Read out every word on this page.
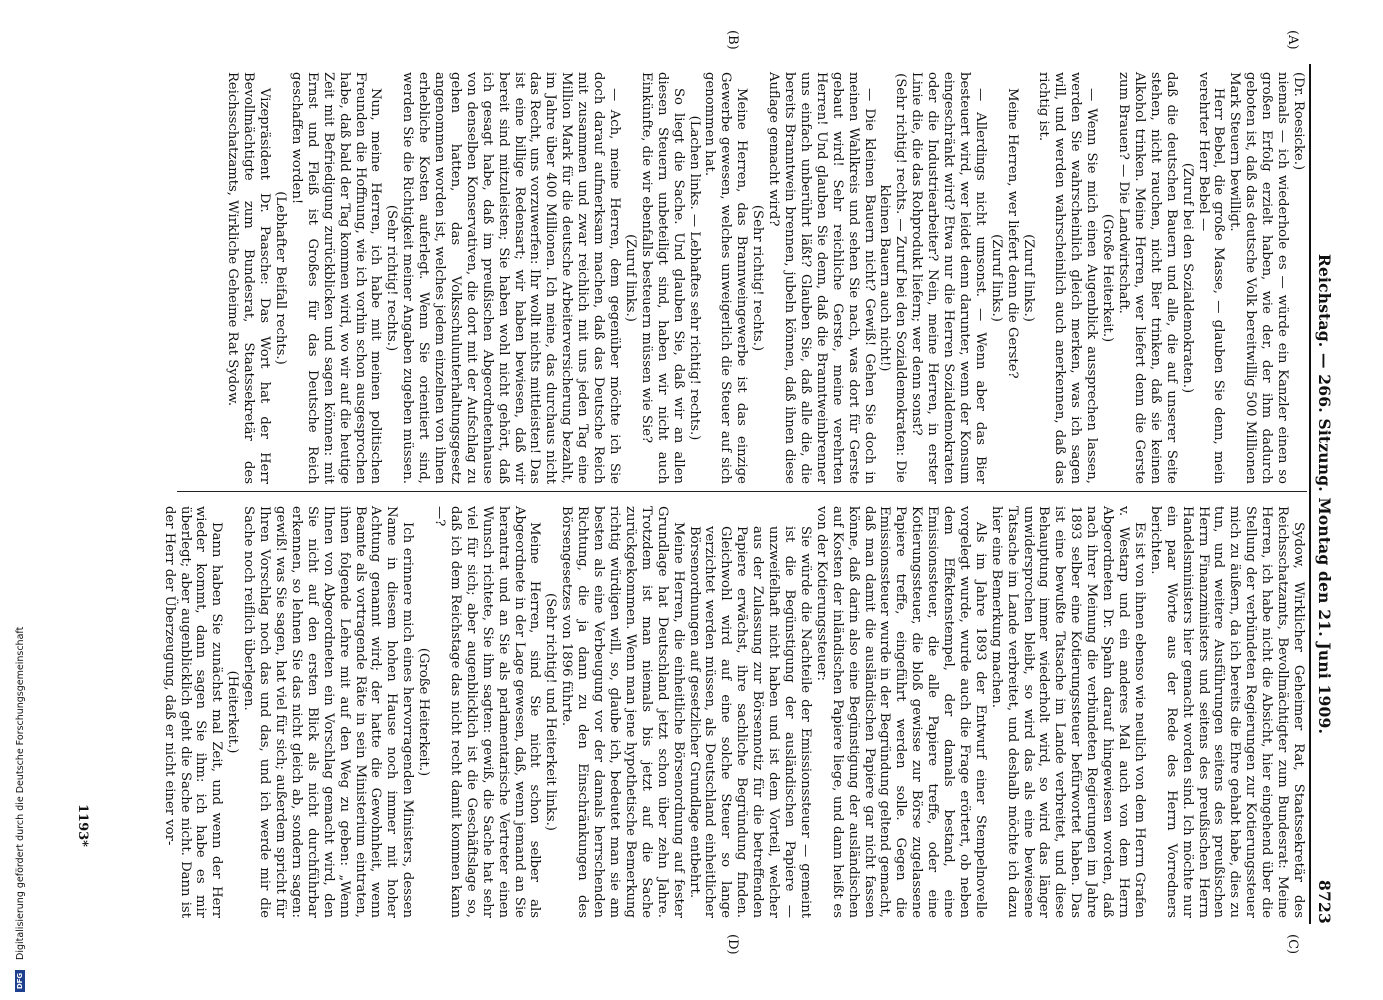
DFG
Digitalisierung gefördert durch die Deutsche Forschungsgemeinschaft
Reichstag. — 266. Sitzung. Montag den 21. Juni 1909.
8723
(A)
(B)
(C)
(D)

(Dr. Roesicke.)

niemals — ich wiederhole es — würde ein Kanzler einen so großen Erfolg erzielt haben, wie der, der ihm dadurch geboten ist, daß das deutsche Volk bereitwillig 500 Millionen Mark Steuern bewilligt.

Herr Bebel, die große Masse, — glauben Sie denn, mein verehrter Herr Bebel —

(Zuruf bei den Sozialdemokraten.)

daß die deutschen Bauern und alle, die auf unserer Seite stehen, nicht rauchen, nicht Bier trinken, daß sie keinen Alkohol trinken. Meine Herren, wer liefert denn die Gerste zum Brauen? — Die Landwirtschaft.

(Große Heiterkeit.)

— Wenn Sie mich einen Augenblick aussprechen lassen, werden Sie wahrscheinlich gleich merken, was ich sagen will, und werden wahrscheinlich auch anerkennen, daß das richtig ist.

(Zuruf links.)

Meine Herren, wer liefert denn die Gerste?

(Zuruf links.)

— Allerdings nicht umsonst. — Wenn aber das Bier besteuert wird, wer leidet denn darunter, wenn der Konsum eingeschränkt wird? Etwa nur die Herren Sozialdemokraten oder die Industriearbeiter? Nein, meine Herren, in erster Linie die, die das Rohprodukt liefern; wer denn sonst?

(Sehr richtig! rechts. — Zuruf bei den Sozialdemokraten: Die kleinen Bauern auch nicht!)

— Die kleinen Bauern nicht? Gewiß! Gehen Sie doch in meinen Wahlkreis und sehen Sie nach, was dort für Gerste gebaut wird! Sehr reichliche Gerste, meine verehrten Herren! Und glauben Sie denn, daß die Branntweinbrenner uns einfach unberührt läßt? Glauben Sie, daß alle die, die bereits Branntwein brennen, jubeln können, daß ihnen diese Auflage gemacht wird?

(Sehr richtig! rechts.)

Meine Herren, das Brannweingewerbe ist das einzige Gewerbe gewesen, welches unweigerlich die Steuer auf sich genommen hat.

(Lachen links. — Lebhaftes sehr richtig! rechts.)

So liegt die Sache. Und glauben Sie, daß wir an allen diesen Steuern unbeteiligt sind, haben wir nicht auch Einkünfte, die wir ebenfalls besteuern müssen wie Sie?

(Zuruf links.)

— Ach, meine Herren, dem gegenüber möchte ich Sie doch darauf aufmerksam machen, daß das Deutsche Reich mit zusammen und zwar reichlich mit uns jeden Tag eine Million Mark für die deutsche Arbeiterversicherung bezahlt, im Jahre über 400 Millionen. Ich meine, das durchaus nicht das Recht, uns vorzuwerfen: Ihr wollt nichts mittleisten! Das ist eine billige Redensart; wir haben bewiesen, daß wir bereit sind mitzuleisten; Sie haben wohl nicht gehört, daß ich gesagt habe, daß im preußischen Abgeordnetenhause von denselben Konservativen, die dort mit der Aufschlag zu gehen hatten, das Volksschulunterhaltungsgesetz angenommen worden ist, welches jedem einzelnen von ihnen erhebliche Kosten auferlegt. Wenn Sie orientiert sind, werden Sie die Richtigkeit meiner Angaben zugeben müssen.

(Sehr richtig! rechts.)

Nun, meine Herren, ich habe mit meinen politischen Freunden die Hoffnung, wie ich vorhin schon ausgesprochen habe, daß bald der Tag kommen wird, wo wir auf die heutige Zeit mit Befriedigung zurückblicken und sagen können: mit Ernst und Fleiß ist Großes für das Deutsche Reich geschaffen worden!

(Lebhafter Beifall rechts.)

Vizepräsident Dr. Paasche: Das Wort hat der Herr Bevollmächtigte zum Bundesrat, Staatssekretär des Reichsschatzamts, Wirkliche Geheime Rat Sydow.

Sydow, Wirklicher Geheimer Rat, Staatssekretär des Reichsschatzamts, Bevollmächtigter zum Bundesrat: Meine Herren, ich habe nicht die Absicht, hier eingehend über die Stellung der verbündeten Regierungen zur Kotierungssteuer mich zu äußern, da ich bereits die Ehre gehabt habe, dies zu tun, und weitere Ausführungen seitens des preußischen Herrn Finanzministers und seitens des preußischen Herrn Handelsministers hier gemacht worden sind. Ich möchte nur ein paar Worte aus der Rede des Herrn Vorredners berichten.

Es ist von ihnen ebenso wie neulich von dem Herrn Grafen v. Westarp und ein anderes Mal auch von dem Herrn Abgeordneten Dr. Spahn darauf hingewiesen worden, daß nach ihrer Meinung die verbündeten Regierungen im Jahre 1893 selber eine Kotierungssteuer befürwortet haben. Das ist eine bewußte Tatsache im Lande verbreitet, und diese Behauptung immer wiederholt wird, so wird das länger unwidersprochen bleibt, so wird das als eine bewiesene Tatsache im Lande verbreitet, und deshalb möchte ich dazu hier eine Bemerkung machen.

Als im Jahre 1893 der Entwurf einer Stempelnovelle vorgelegt wurde, wurde auch die Frage erörtert, ob neben dem Effektenstempel, der damals bestand, eine Emissionssteuer, die alle Papiere treffe, oder eine Kotierungssteuer, die bloß gewisse zur Börse zugelassene Papiere treffe, eingeführt werden solle. Gegen die Emissionssteuer wurde in der Begründung geltend gemacht, daß man damit die ausländischen Papiere gar nicht fassen könne, daß darin also eine Begünstigung der ausländischen auf Kosten der inländischen Papiere liege, und dann heißt es von der Kotierungssteuer:

Sie würde die Nachteile der Emissionssteuer — gemeint ist die Begünstigung der ausländischen Papiere — unzweifelhaft nicht haben und ist dem Vorteil, welcher aus der Zulassung zur Börsennotiz für die betreffenden Papiere erwächst, ihre sachliche Begründung finden. Gleichwohl wird auf eine solche Steuer so lange verzichtet werden müssen, als Deutschland einheitlicher Börsenordnungen auf gesetzlicher Grundlage entbehrt.

Meine Herren, die einheitliche Börsenordnung auf fester Grundlage hat Deutschland jetzt schon über zehn Jahre. Trotzdem ist man niemals bis jetzt auf die Sache zurückgekommen. Wenn man jene hypothetische Bemerkung richtig würdigen will, so, glaube ich, bedeutet man sie am besten als eine Verbeugung vor der damals herrschenden Richtung, die ja dann zu den Einschränkungen des Börsengesetzes von 1896 führte.

(Sehr richtig! und Heiterkeit links.)

Meine Herren, sind Sie nicht schon selber als Abgeordnete in der Lage gewesen, daß, wenn jemand an Sie herantrat und an Sie als parlamentarische Vertreter einen Wunsch richtete, Sie ihm sagten: gewiß, die Sache hat sehr viel für sich; aber augenblicklich ist die Geschäftslage so, daß ich dem Reichstage das nicht recht damit kommen kann —?

(Große Heiterkeit.)

Ich erinnere mich eines hervorragenden Ministers, dessen Name in diesem hohen Hause noch immer mit hoher Achtung genannt wird; der hatte die Gewohnheit, wenn Beamte als vortragende Räte in sein Ministerium eintraten, ihnen folgende Lehre mit auf den Weg zu geben: „Wenn Ihnen von Abgeordneten ein Vorschlag gemacht wird, den Sie nicht auf den ersten Blick als nicht durchführbar erkennen, so lehnen Sie das nicht gleich ab, sondern sagen: gewiß! was Sie sagen, hat viel für sich; außerdem spricht für Ihren Vorschlag noch das und das, und ich werde mir die Sache noch reiflich überlegen.

(Heiterkeit.)

Dann haben Sie zunächst mal Zeit, und wenn der Herr wieder kommt, dann sagen Sie ihm: ich habe es mir überlegt; aber augenblicklich geht die Sache nicht. Dann ist der Herr der Überzeugung, daß er nicht einer vor-

1193*
